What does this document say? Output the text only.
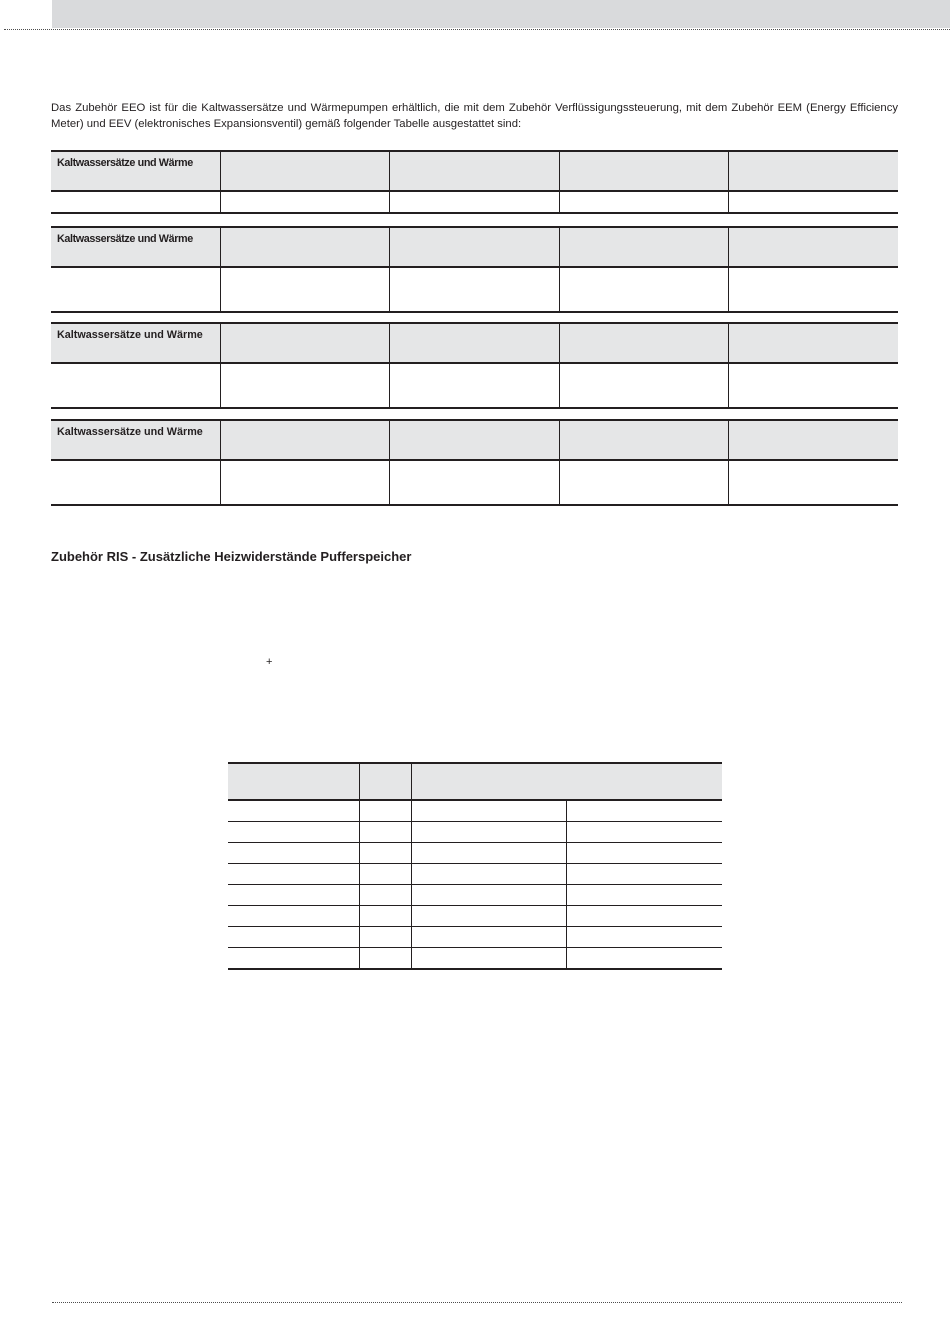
Das Zubehör EEO ist für die Kaltwassersätze und Wärmepumpen erhältlich, die mit dem Zubehör Verflüssigungssteuerung, mit dem Zubehör EEM (Energy Efficiency Meter) und EEV (elektronisches Expansionsventil) gemäß folgender Tabelle ausgestattet sind:

Kaltwassersätze und Wärme				

Kaltwassersätze und Wärme				

Kaltwassersätze und Wärme				

Kaltwassersätze und Wärme				

Zubehör RIS - Zusätzliche Heizwiderstände Pufferspeicher
+
